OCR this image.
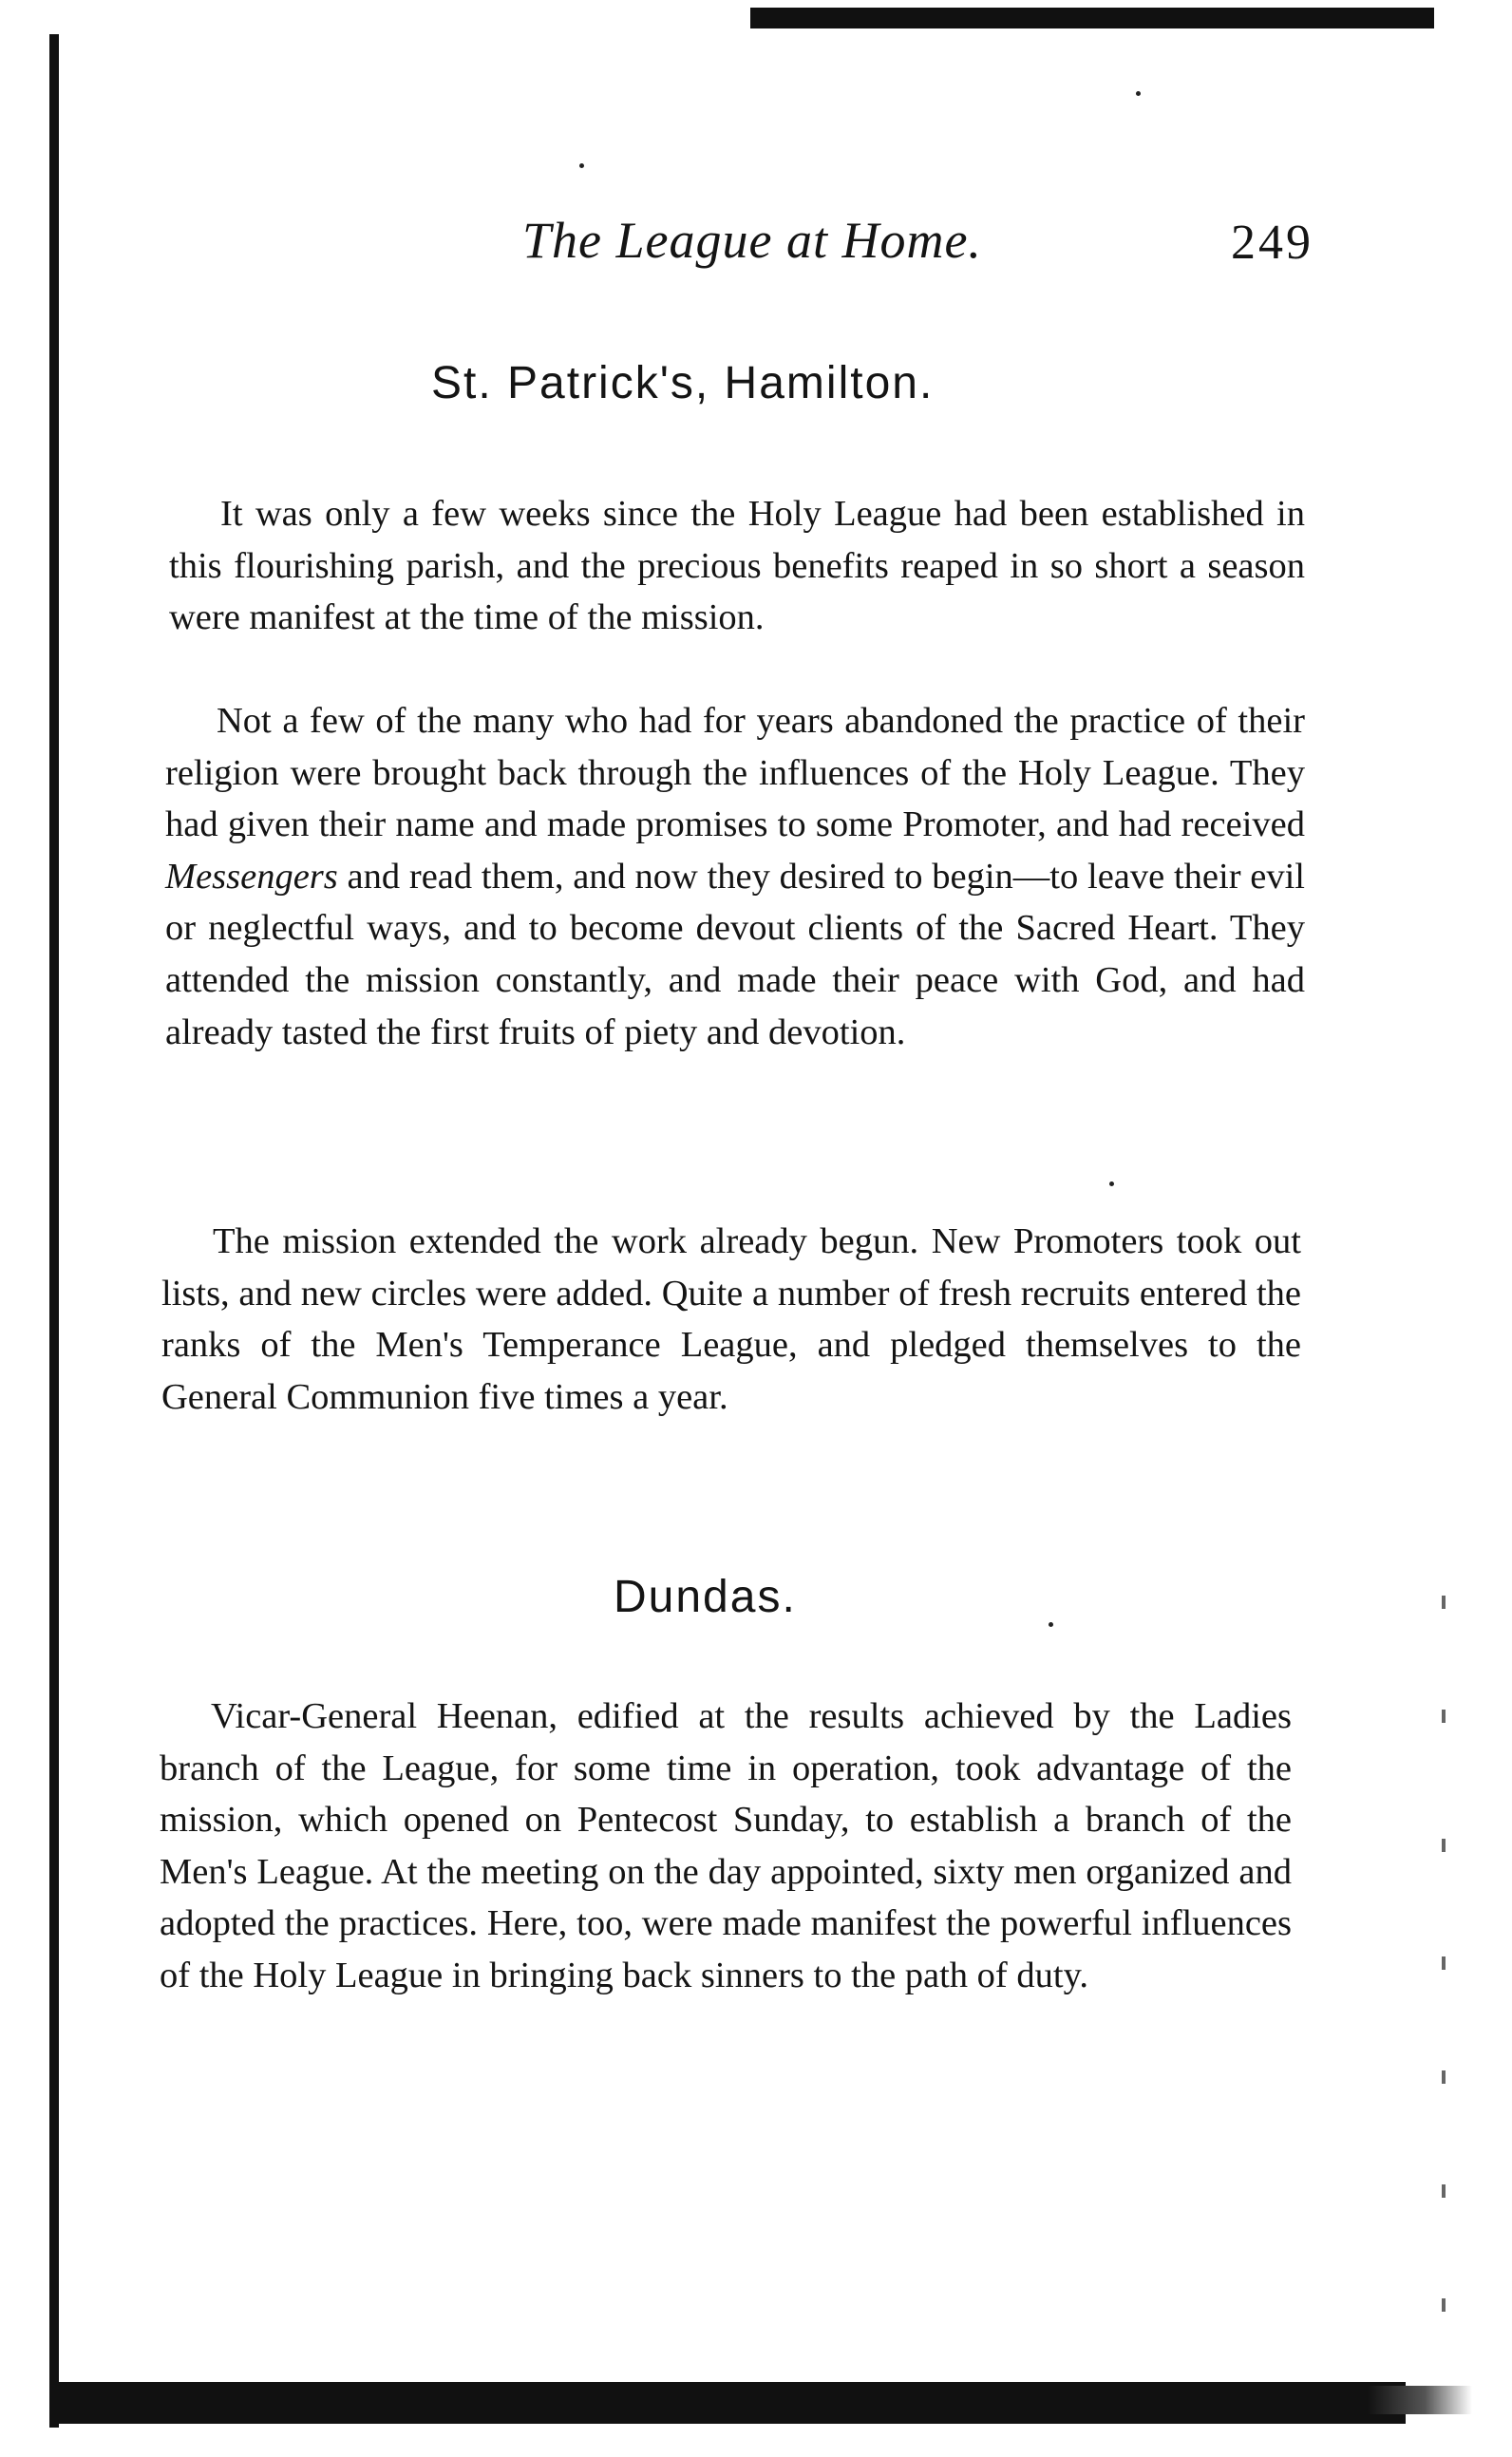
The League at Home.	249
St. Patrick's, Hamilton.

It was only a few weeks since the Holy League had been established in this flourishing parish, and the precious benefits reaped in so short a season were manifest at the time of the mission.

Not a few of the many who had for years abandoned the practice of their religion were brought back through the influences of the Holy League. They had given their name and made promises to some Promoter, and had received Messengers and read them, and now they desired to begin—to leave their evil or neglectful ways, and to become devout clients of the Sacred Heart. They attended the mission constantly, and made their peace with God, and had already tasted the first fruits of piety and devotion.

The mission extended the work already begun. New Promoters took out lists, and new circles were added. Quite a number of fresh recruits entered the ranks of the Men's Temperance League, and pledged themselves to the General Communion five times a year.

Dundas.

Vicar-General Heenan, edified at the results achieved by the Ladies branch of the League, for some time in operation, took advantage of the mission, which opened on Pentecost Sunday, to establish a branch of the Men's League. At the meeting on the day appointed, sixty men organized and adopted the practices. Here, too, were made manifest the powerful influences of the Holy League in bringing back sinners to the path of duty.
